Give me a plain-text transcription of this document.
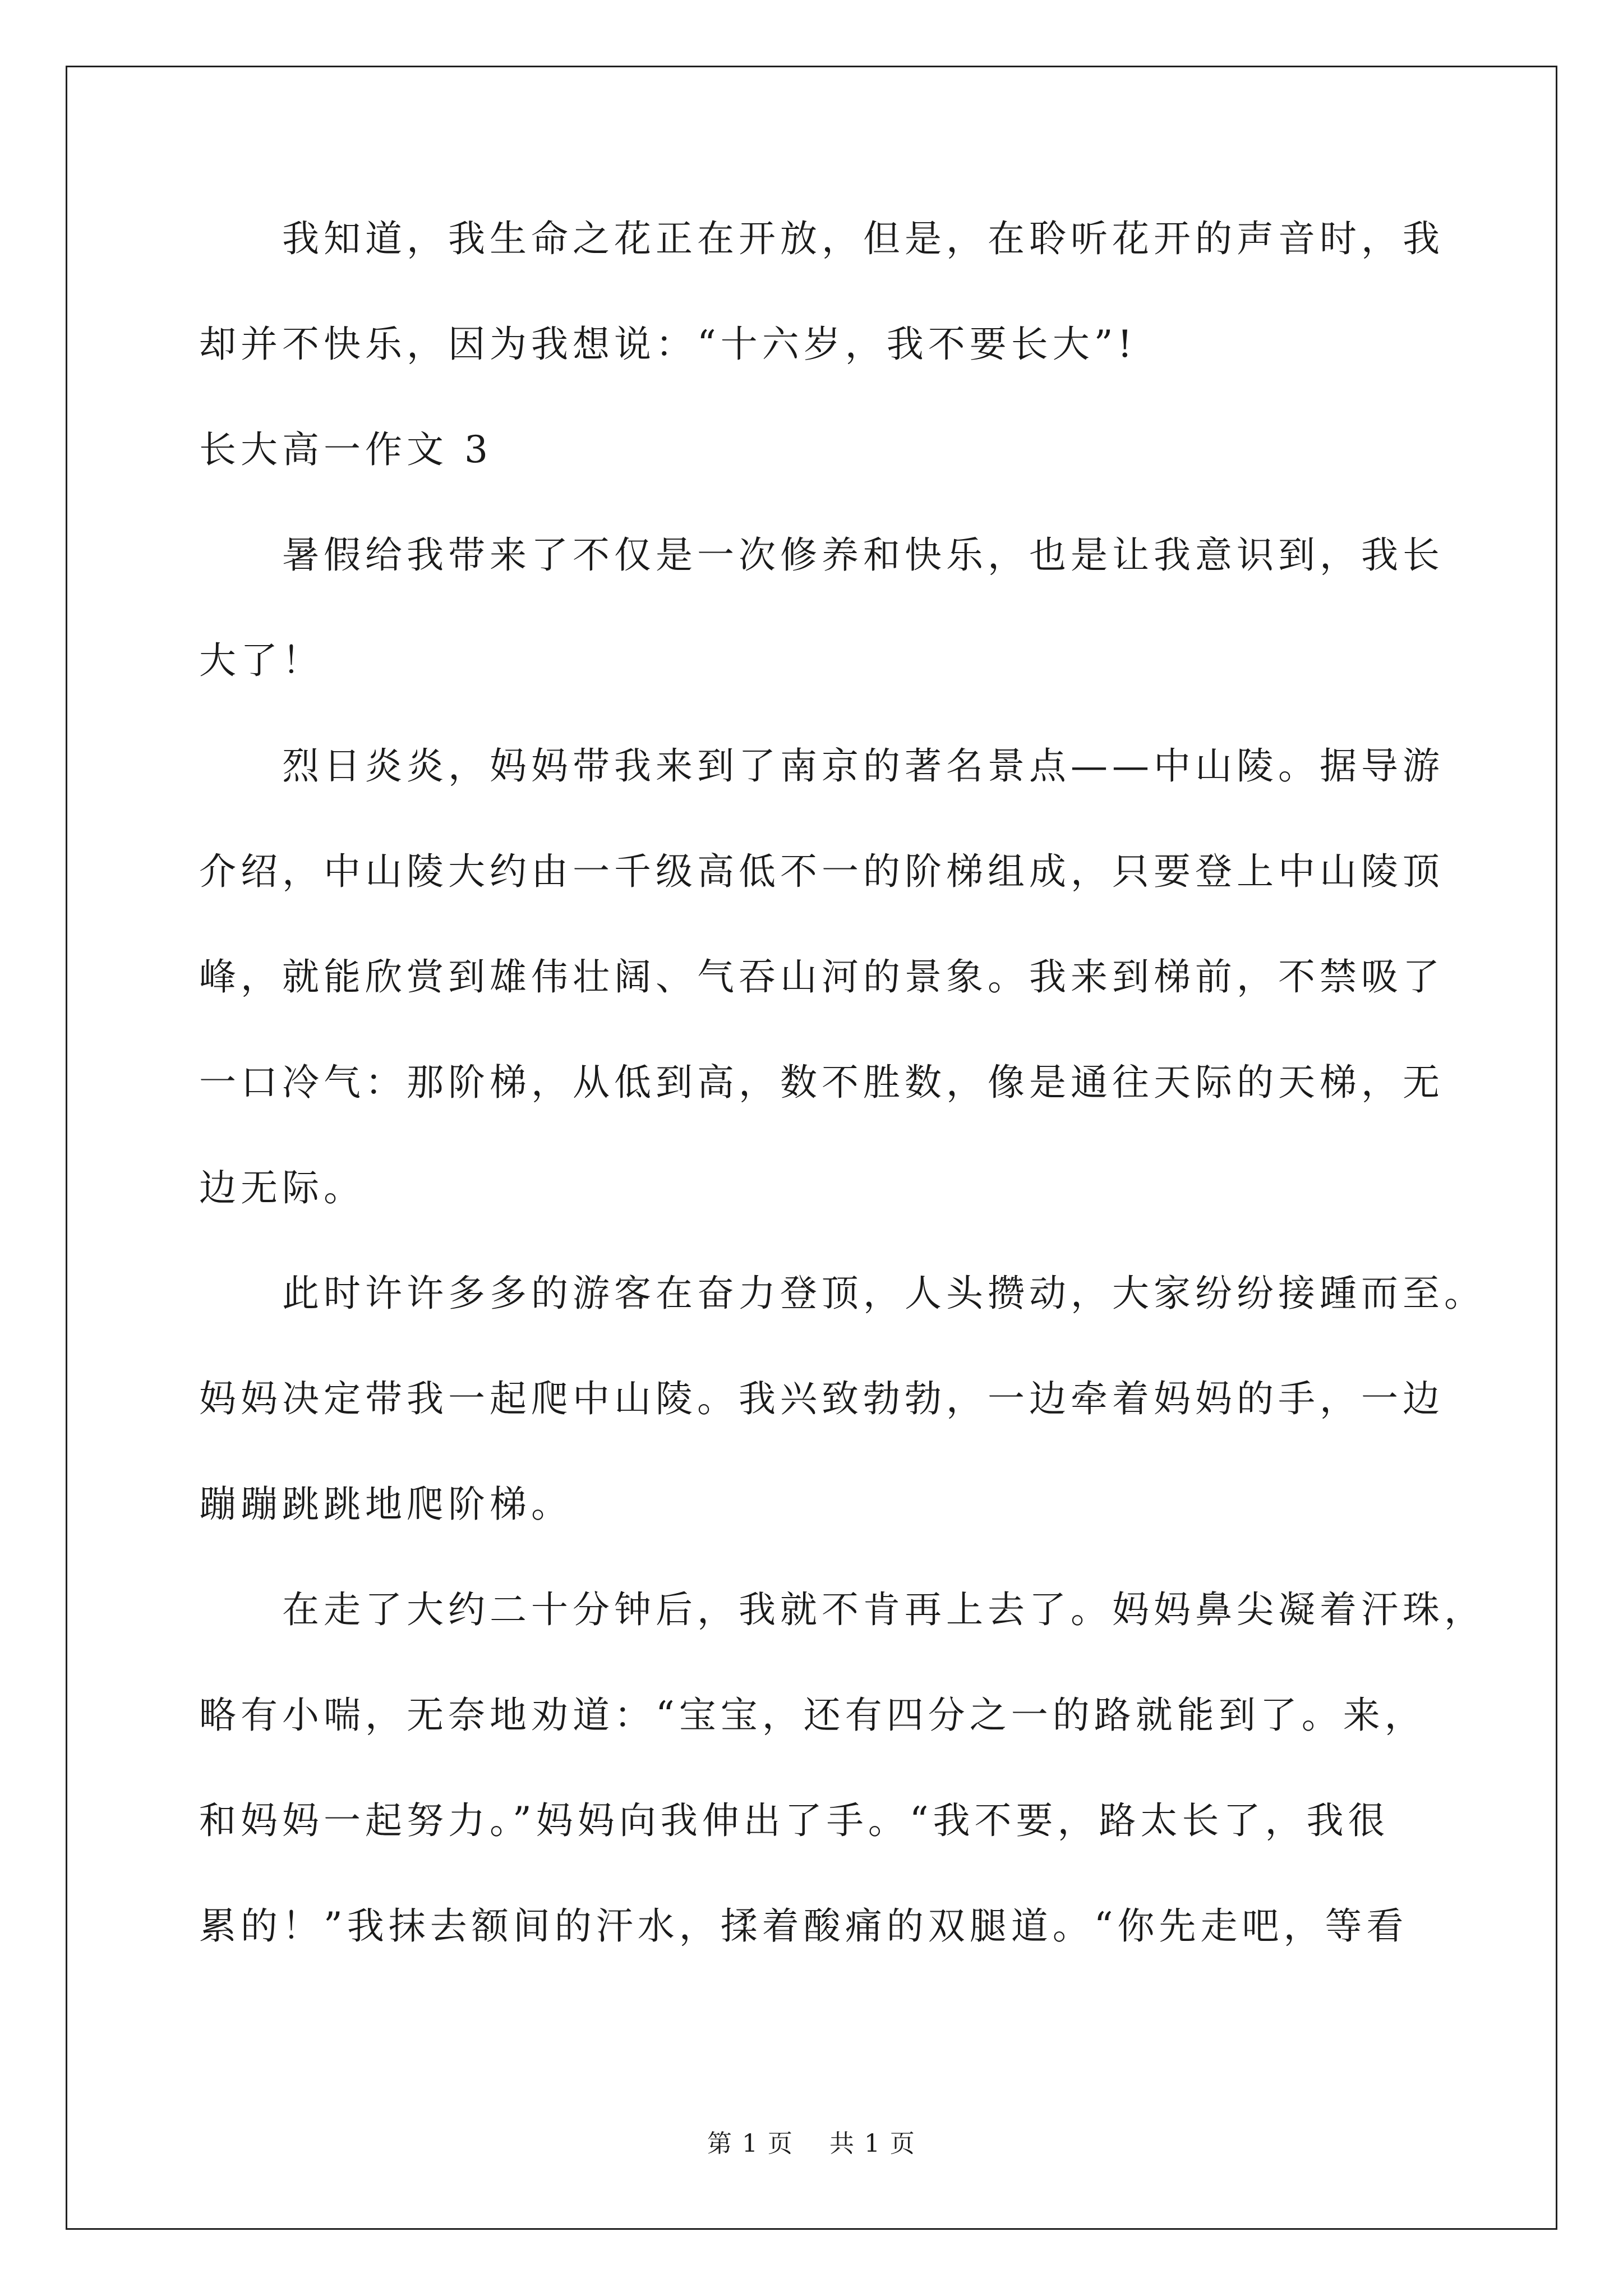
我知道，我生命之花正在开放，但是，在聆听花开的声音时，我
却并不快乐，因为我想说：“十六岁，我不要长大”!
长大高一作文 3
暑假给我带来了不仅是一次修养和快乐，也是让我意识到，我长
大了！
烈日炎炎，妈妈带我来到了南京的著名景点——中山陵。据导游
介绍，中山陵大约由一千级高低不一的阶梯组成，只要登上中山陵顶
峰，就能欣赏到雄伟壮阔、气吞山河的景象。我来到梯前，不禁吸了
一口冷气：那阶梯，从低到高，数不胜数，像是通往天际的天梯，无
边无际。
此时许许多多的游客在奋力登顶，人头攒动，大家纷纷接踵而至。
妈妈决定带我一起爬中山陵。我兴致勃勃，一边牵着妈妈的手，一边
蹦蹦跳跳地爬阶梯。
在走了大约二十分钟后，我就不肯再上去了。妈妈鼻尖凝着汗珠，
略有小喘，无奈地劝道：“宝宝，还有四分之一的路就能到了。来，
和妈妈一起努力。”妈妈向我伸出了手。“我不要，路太长了，我很
累的！”我抹去额间的汗水，揉着酸痛的双腿道。“你先走吧，等看
第 1 页    共 1 页
